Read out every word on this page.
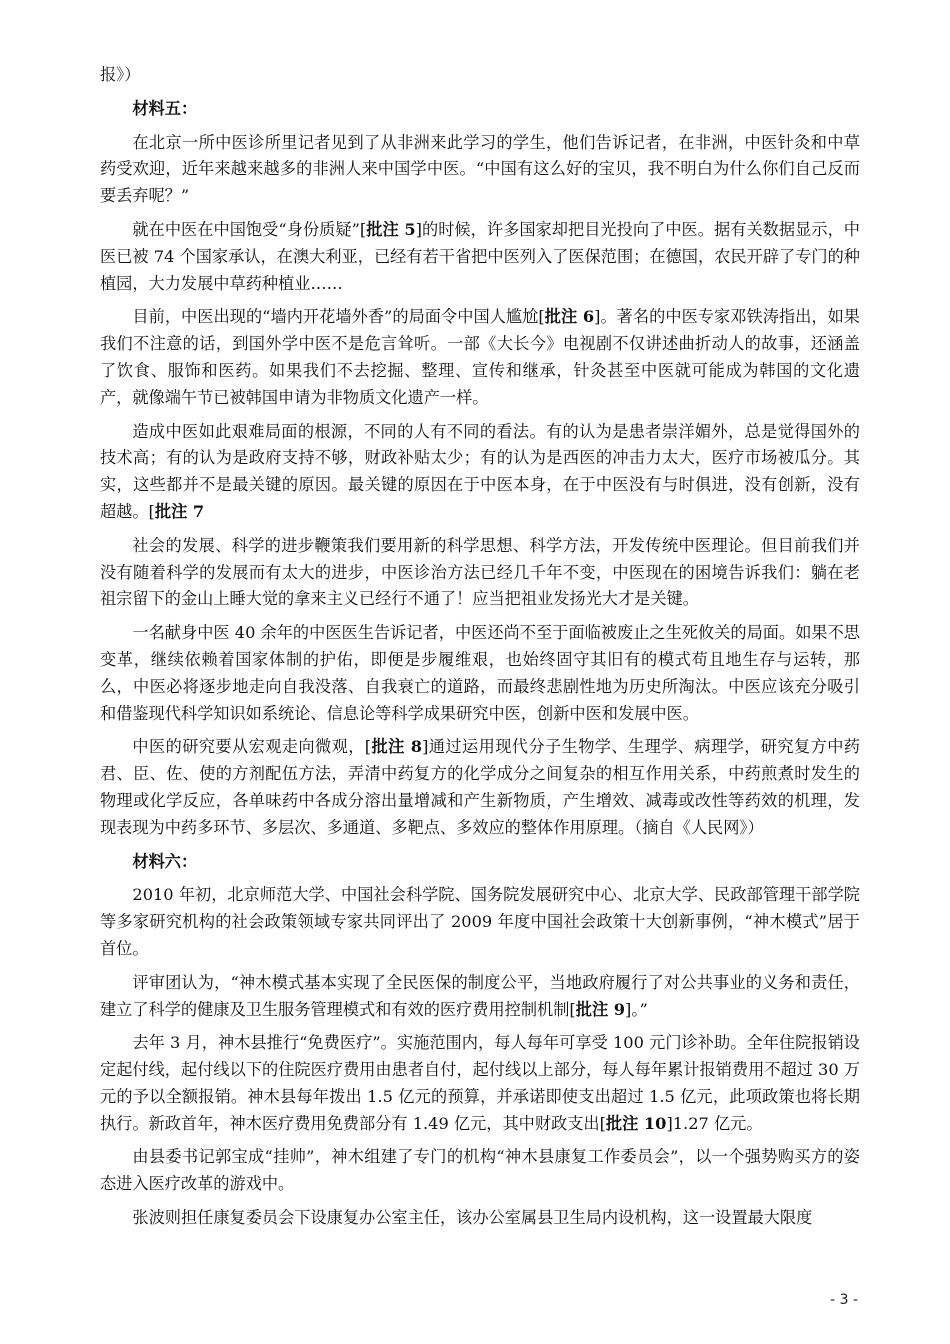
报》）

材料五：

在北京一所中医诊所里记者见到了从非洲来此学习的学生，他们告诉记者，在非洲，中医针灸和中草药受欢迎，近年来越来越多的非洲人来中国学中医。“中国有这么好的宝贝，我不明白为什么你们自己反而要丢弃呢？”

就在中医在中国饱受“身份质疑”[批注 5]的时候，许多国家却把目光投向了中医。据有关数据显示，中医已被 74 个国家承认，在澳大利亚，已经有若干省把中医列入了医保范围；在德国，农民开辟了专门的种植园，大力发展中草药种植业……

目前，中医出现的“墙内开花墙外香”的局面令中国人尴尬[批注 6]。著名的中医专家邓铁涛指出，如果我们不注意的话，到国外学中医不是危言耸听。一部《大长今》电视剧不仅讲述曲折动人的故事，还涵盖了饮食、服饰和医药。如果我们不去挖掘、整理、宣传和继承，针灸甚至中医就可能成为韩国的文化遗产，就像端午节已被韩国申请为非物质文化遗产一样。

造成中医如此艰难局面的根源，不同的人有不同的看法。有的认为是患者崇洋媚外，总是觉得国外的技术高；有的认为是政府支持不够，财政补贴太少；有的认为是西医的冲击力太大，医疗市场被瓜分。其实，这些都并不是最关键的原因。最关键的原因在于中医本身，在于中医没有与时俱进，没有创新，没有超越。[批注 7

社会的发展、科学的进步鞭策我们要用新的科学思想、科学方法，开发传统中医理论。但目前我们并没有随着科学的发展而有太大的进步，中医诊治方法已经几千年不变，中医现在的困境告诉我们：躺在老祖宗留下的金山上睡大觉的拿来主义已经行不通了！应当把祖业发扬光大才是关键。

一名献身中医 40 余年的中医医生告诉记者，中医还尚不至于面临被废止之生死攸关的局面。如果不思变革，继续依赖着国家体制的护佑，即便是步履维艰，也始终固守其旧有的模式苟且地生存与运转，那么，中医必将逐步地走向自我没落、自我衰亡的道路，而最终悲剧性地为历史所淘汰。中医应该充分吸引和借鉴现代科学知识如系统论、信息论等科学成果研究中医，创新中医和发展中医。

中医的研究要从宏观走向微观，[批注 8]通过运用现代分子生物学、生理学、病理学，研究复方中药君、臣、佐、使的方剂配伍方法，弄清中药复方的化学成分之间复杂的相互作用关系，中药煎煮时发生的物理或化学反应，各单味药中各成分溶出量增减和产生新物质，产生增效、减毒或改性等药效的机理，发现表现为中药多环节、多层次、多通道、多靶点、多效应的整体作用原理。（摘自《人民网》）

材料六：

2010 年初，北京师范大学、中国社会科学院、国务院发展研究中心、北京大学、民政部管理干部学院等多家研究机构的社会政策领域专家共同评出了 2009 年度中国社会政策十大创新事例，“神木模式”居于首位。

评审团认为，“神木模式基本实现了全民医保的制度公平，当地政府履行了对公共事业的义务和责任，建立了科学的健康及卫生服务管理模式和有效的医疗费用控制机制[批注 9]。”

去年 3 月，神木县推行“免费医疗”。实施范围内，每人每年可享受 100 元门诊补助。全年住院报销设定起付线，起付线以下的住院医疗费用由患者自付，起付线以上部分，每人每年累计报销费用不超过 30 万元的予以全额报销。神木县每年拨出 1.5 亿元的预算，并承诺即使支出超过 1.5 亿元，此项政策也将长期执行。新政首年，神木医疗费用免费部分有 1.49 亿元，其中财政支出[批注 10]1.27 亿元。

由县委书记郭宝成“挂帅”，神木组建了专门的机构“神木县康复工作委员会”，以一个强势购买方的姿态进入医疗改革的游戏中。

张波则担任康复委员会下设康复办公室主任，该办公室属县卫生局内设机构，这一设置最大限度

- 3 -
